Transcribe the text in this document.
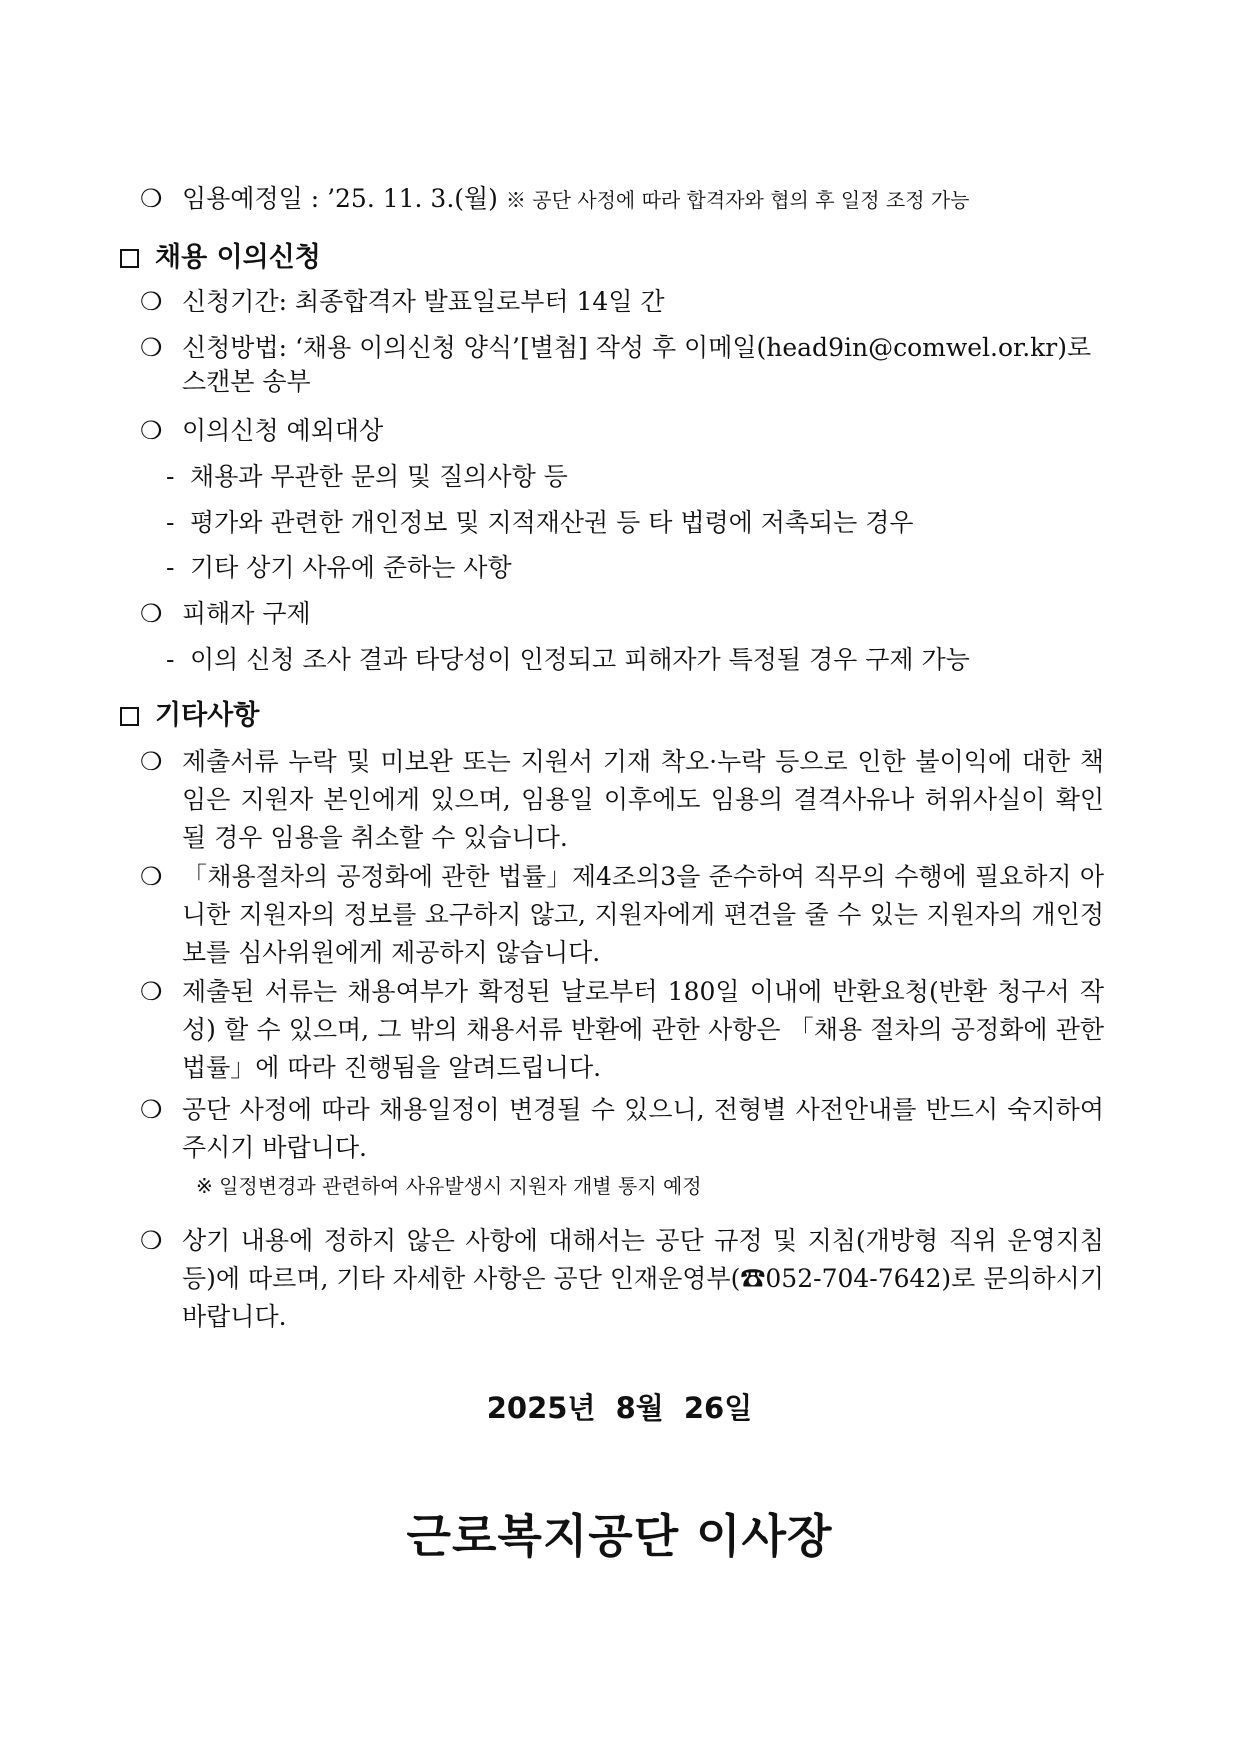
❍ 임용예정일 : ’25. 11. 3.(월) ※ 공단 사정에 따라 합격자와 협의 후 일정 조정 가능
채용 이의신청
❍ 신청기간: 최종합격자 발표일로부터 14일 간
❍ 신청방법: ‘채용 이의신청 양식’[별첨] 작성 후 이메일(head9in@comwel.or.kr)로
스캔본 송부
❍ 이의신청 예외대상
- 채용과 무관한 문의 및 질의사항 등
- 평가와 관련한 개인정보 및 지적재산권 등 타 법령에 저촉되는 경우
- 기타 상기 사유에 준하는 사항
❍ 피해자 구제
- 이의 신청 조사 결과 타당성이 인정되고 피해자가 특정될 경우 구제 가능
기타사항
❍ 제출서류 누락 및 미보완 또는 지원서 기재 착오·누락 등으로 인한 불이익에 대한 책임은 지원자 본인에게 있으며, 임용일 이후에도 임용의 결격사유나 허위사실이 확인될 경우 임용을 취소할 수 있습니다.
❍ 「채용절차의 공정화에 관한 법률」제4조의3을 준수하여 직무의 수행에 필요하지 아니한 지원자의 정보를 요구하지 않고, 지원자에게 편견을 줄 수 있는 지원자의 개인정보를 심사위원에게 제공하지 않습니다.
❍ 제출된 서류는 채용여부가 확정된 날로부터 180일 이내에 반환요청(반환 청구서 작성) 할 수 있으며, 그 밖의 채용서류 반환에 관한 사항은 「채용 절차의 공정화에 관한 법률」에 따라 진행됨을 알려드립니다.
❍ 공단 사정에 따라 채용일정이 변경될 수 있으니, 전형별 사전안내를 반드시 숙지하여 주시기 바랍니다.
※ 일정변경과 관련하여 사유발생시 지원자 개별 통지 예정
❍ 상기 내용에 정하지 않은 사항에 대해서는 공단 규정 및 지침(개방형 직위 운영지침 등)에 따르며, 기타 자세한 사항은 공단 인재운영부(☎052-704-7642)로 문의하시기 바랍니다.
2025년 8월 26일
근로복지공단 이사장
